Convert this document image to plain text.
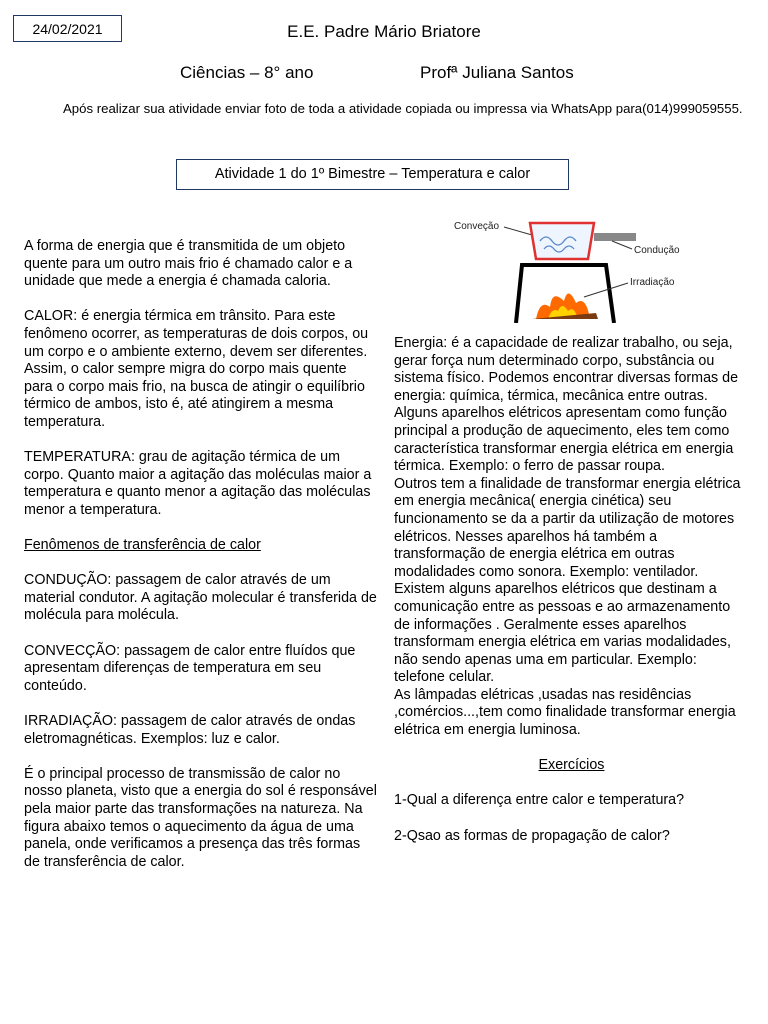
24/02/2021	E.E. Padre Mário Briatore
Ciências – 8° ano	Profª Juliana Santos
Após realizar sua atividade enviar foto de toda a atividade copiada ou impressa via WhatsApp para(014)999059555.
Atividade 1 do 1º Bimestre – Temperatura e calor
Conveção
Condução
Irradiação

A forma de energia que é transmitida de um objeto quente para um outro mais frio é chamado calor e a unidade que mede a energia é chamada caloria.

CALOR: é energia térmica em trânsito. Para este fenômeno ocorrer, as temperaturas de dois corpos, ou um corpo e o ambiente externo, devem ser diferentes. Assim, o calor sempre migra do corpo mais quente para o corpo mais frio, na busca de atingir o equilíbrio térmico de ambos, isto é, até atingirem a mesma temperatura.

TEMPERATURA: grau de agitação térmica de um corpo. Quanto maior a agitação das moléculas maior a temperatura e quanto menor a agitação das moléculas menor a temperatura.

Fenômenos de transferência de calor

CONDUÇÃO: passagem de calor através de um material condutor. A agitação molecular é transferida de molécula para molécula.

CONVECÇÃO: passagem de calor entre fluídos que apresentam diferenças de temperatura em seu conteúdo.

IRRADIAÇÃO: passagem de calor através de ondas eletromagnéticas. Exemplos: luz e calor.

É o principal processo de transmissão de calor no nosso planeta, visto que a energia do sol é responsável pela maior parte das transformações na natureza. Na figura abaixo temos o aquecimento da água de uma panela, onde verificamos a presença das três formas de transferência de calor.

Energia: é a capacidade de realizar trabalho, ou seja, gerar força num determinado corpo, substância ou sistema físico. Podemos encontrar diversas formas de energia: química, térmica, mecânica entre outras.

Alguns aparelhos elétricos apresentam como função principal a produção de aquecimento, eles tem como característica transformar energia elétrica em energia térmica. Exemplo: o ferro de passar roupa.

Outros tem a finalidade de transformar energia elétrica em energia mecânica( energia cinética) seu funcionamento se da a partir da utilização de motores elétricos. Nesses aparelhos há também a transformação de energia elétrica em outras modalidades como sonora. Exemplo: ventilador.

Existem alguns aparelhos elétricos que destinam a comunicação entre as pessoas e ao armazenamento de informações . Geralmente esses aparelhos transformam energia elétrica em varias modalidades, não sendo apenas uma em particular. Exemplo: telefone celular.

As lâmpadas elétricas ,usadas nas residências ,comércios...,tem como finalidade transformar energia elétrica em energia luminosa.

Exercícios

1-Qual a diferença entre calor e temperatura?

2-Qsao as formas de propagação de calor?
